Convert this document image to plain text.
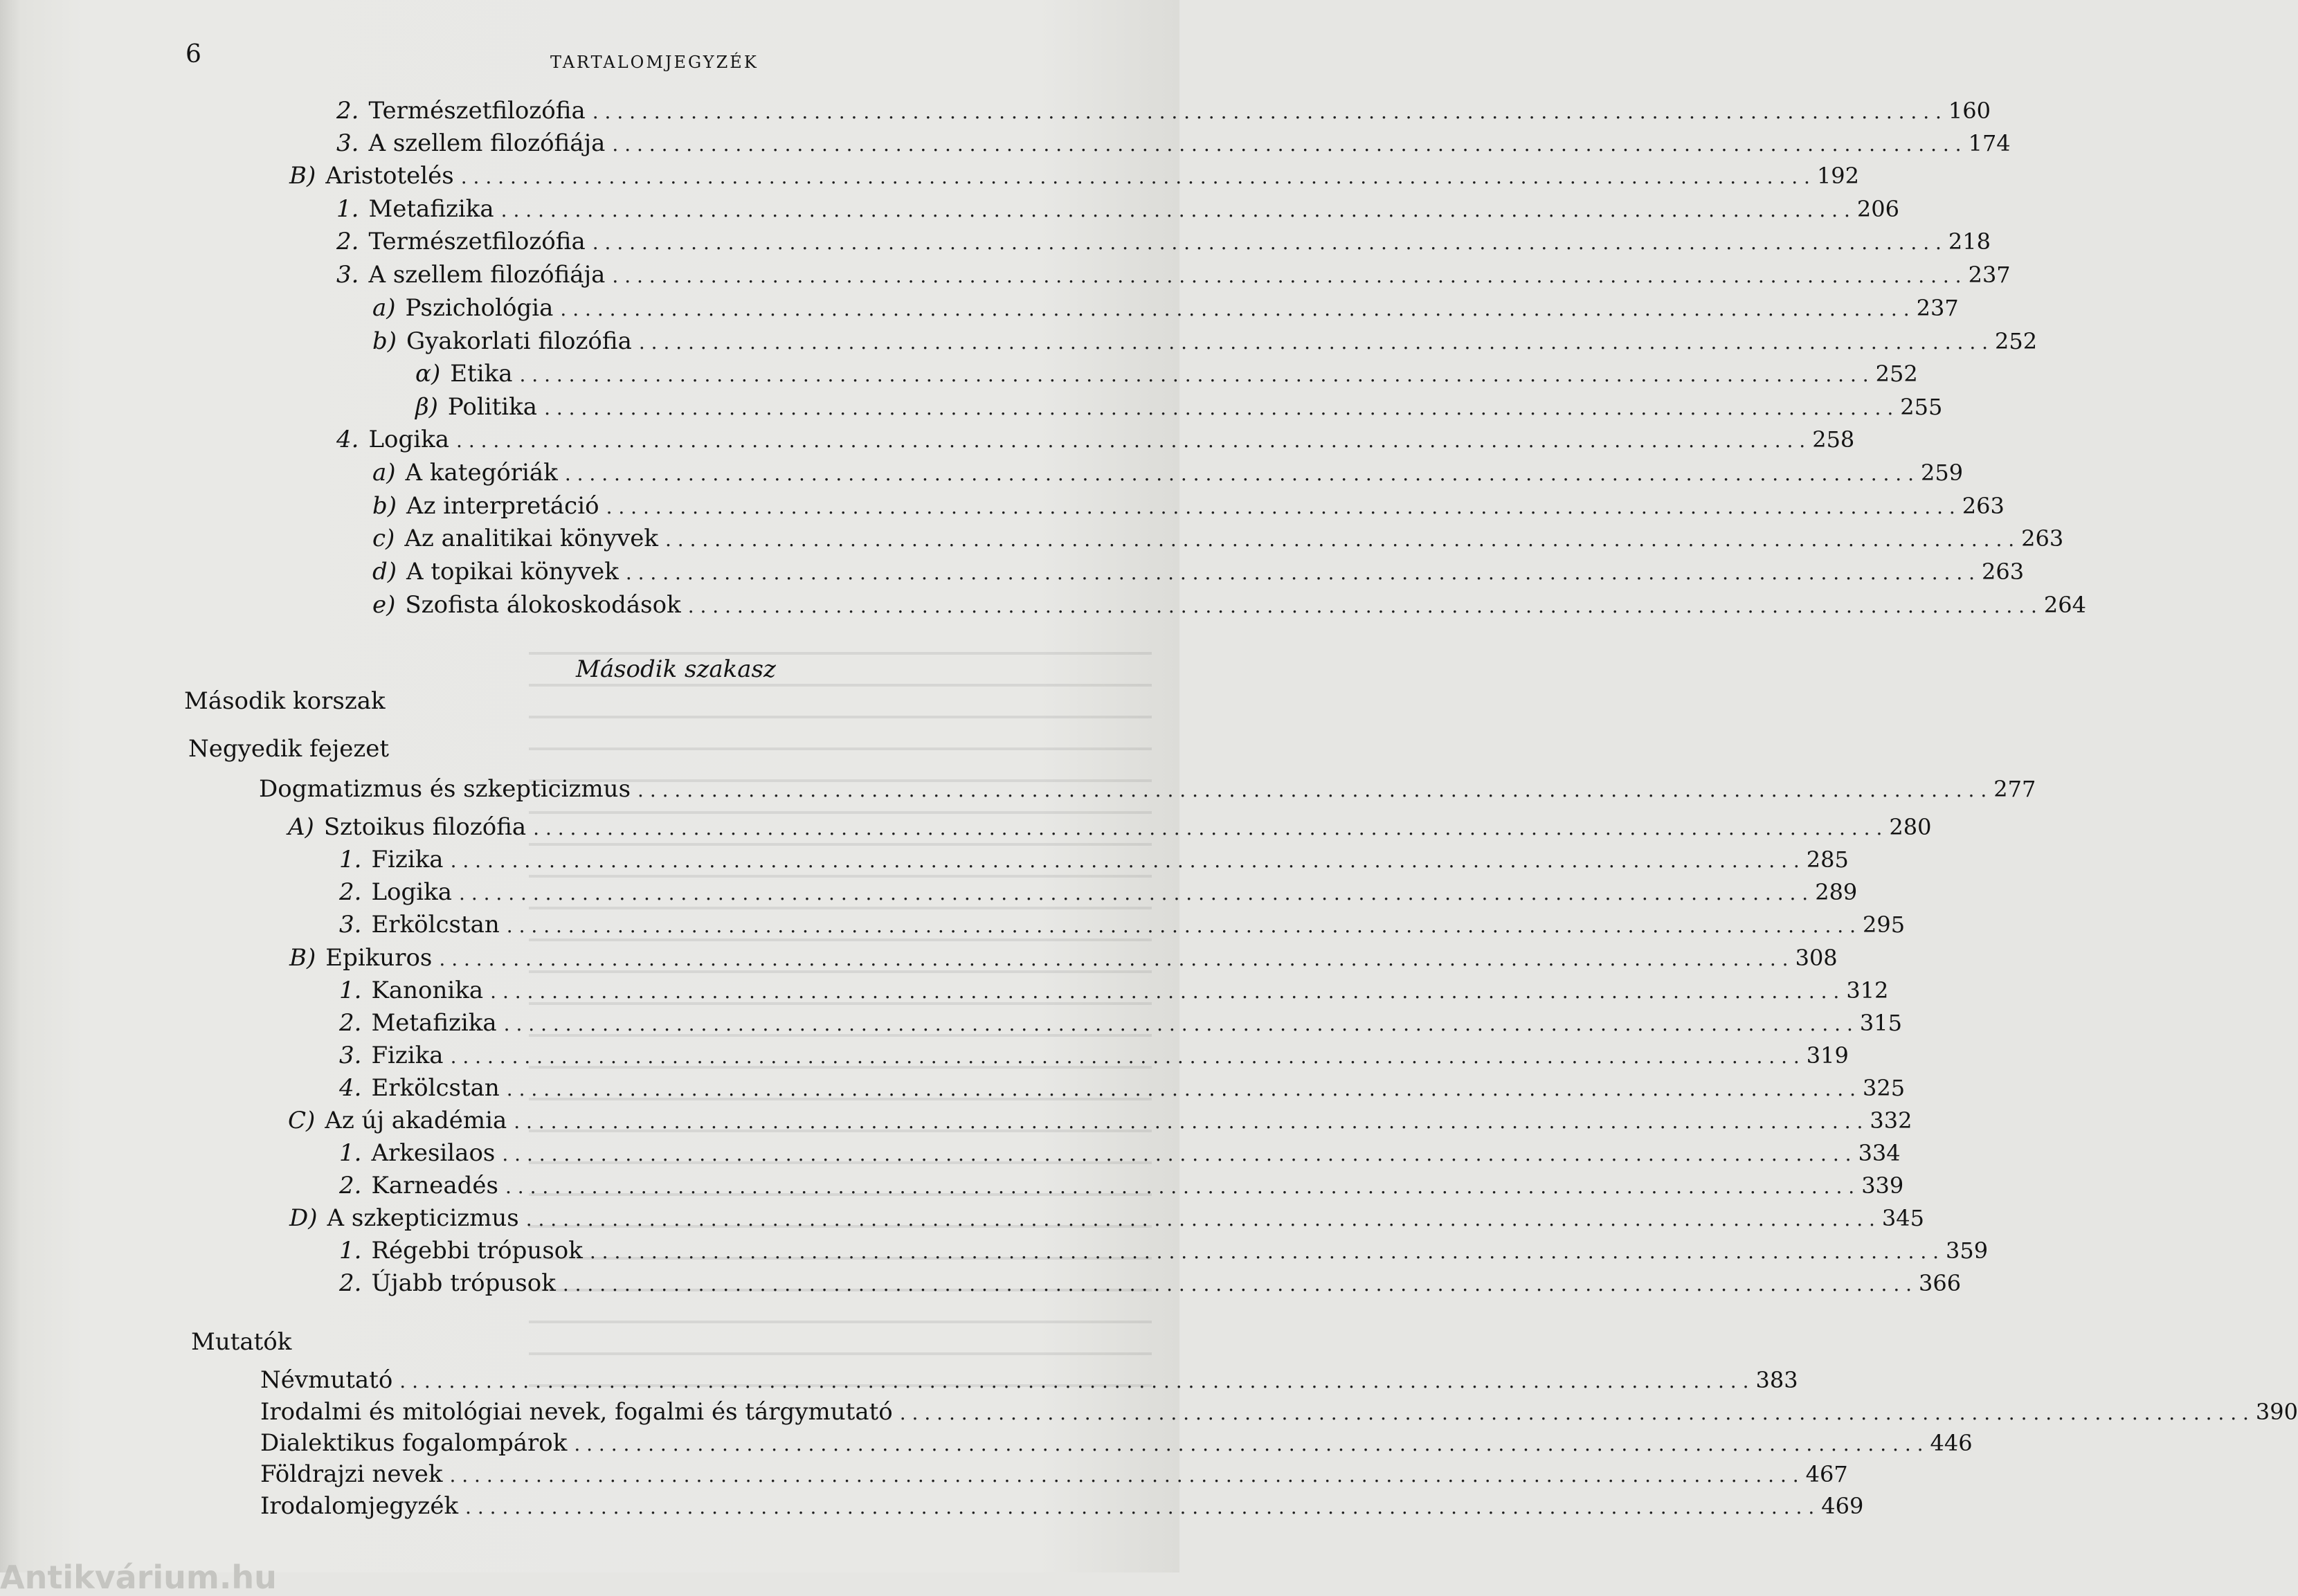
6	TARTALOMJEGYZÉK
2. Természetfilozófia . . .	160
3. A szellem filozófiája . . .	174
B) Aristotelés . . .	192
1. Metafizika . . .	206
2. Természetfilozófia . . .	218
3. A szellem filozófiája . . .	237
a) Pszichológia . . .	237
b) Gyakorlati filozófia . . .	252
α) Etika . . .	252
β) Politika . . .	255
4. Logika . . .	258
a) A kategóriák . . .	259
b) Az interpretáció . . .	263
c) Az analitikai könyvek . . .	263
d) A topikai könyvek . . .	263
e) Szofista álokoskodások . . .	264
Második szakasz
Második korszak
Negyedik fejezet
Dogmatizmus és szkepticizmus . . .	277
A) Sztoikus filozófia . . .	280
1. Fizika . . .	285
2. Logika . . .	289
3. Erkölcstan . . .	295
B) Epikuros . . .	308
1. Kanonika . . .	312
2. Metafizika . . .	315
3. Fizika . . .	319
4. Erkölcstan . . .	325
C) Az új akadémia . . .	332
1. Arkesilaos . . .	334
2. Karneadés . . .	339
D) A szkepticizmus . . .	345
1. Régebbi trópusok . . .	359
2. Újabb trópusok . . .	366
Mutatók
Névmutató . . .	383
Irodalmi és mitológiai nevek, fogalmi és tárgymutató . . .	390
Dialektikus fogalompárok . . .	446
Földrajzi nevek . . .	467
Irodalomjegyzék . . .	469
Antikvárium.hu
